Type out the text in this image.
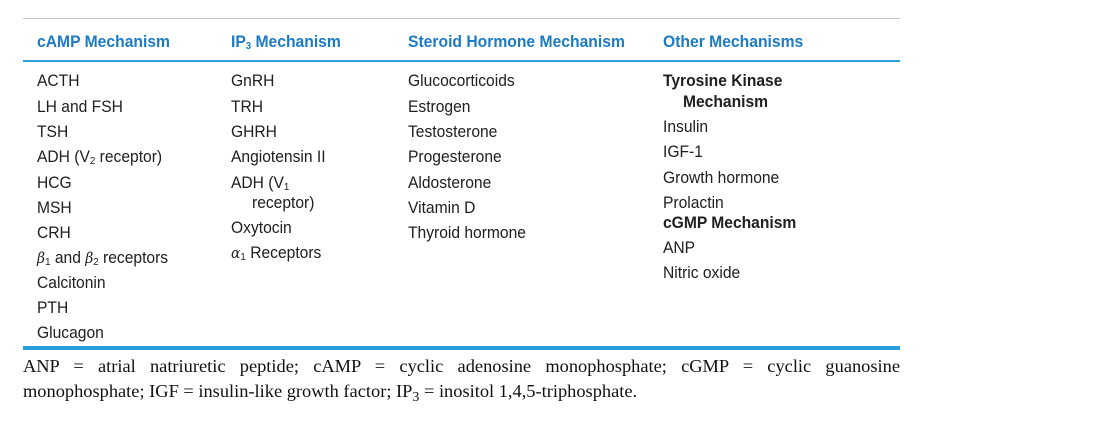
cAMP Mechanism	$IP_3$ Mechanism	Steroid Hormone Mechanism Other Mechanisms
ACTH
LH and FSH
TSH
ADH ($V_2$ receptor)
HCG
MSH
CRH
$\beta_1$ and $\beta_2$ receptors
Calcitonin
PTH
Glucagon
GnRH
TRH
GHRH
Angiotensin II
ADH ($V_1$
receptor)
Oxytocin
$\alpha_1$ Receptors
Glucocorticoids
Estrogen
Testosterone
Progesterone
Aldosterone
Vitamin D
Thyroid hormone
Tyrosine Kinase
Mechanism
Insulin
IGF-1
Growth hormone
Prolactin
cGMP Mechanism
ANP
Nitric oxide
ANP = atrial natriuretic peptide; cAMP = cyclic adenosine monophosphate; cGMP = cyclic guanosine monophosphate; IGF = insulin-like growth factor; $IP_3$ = inositol 1,4,5-triphosphate.
